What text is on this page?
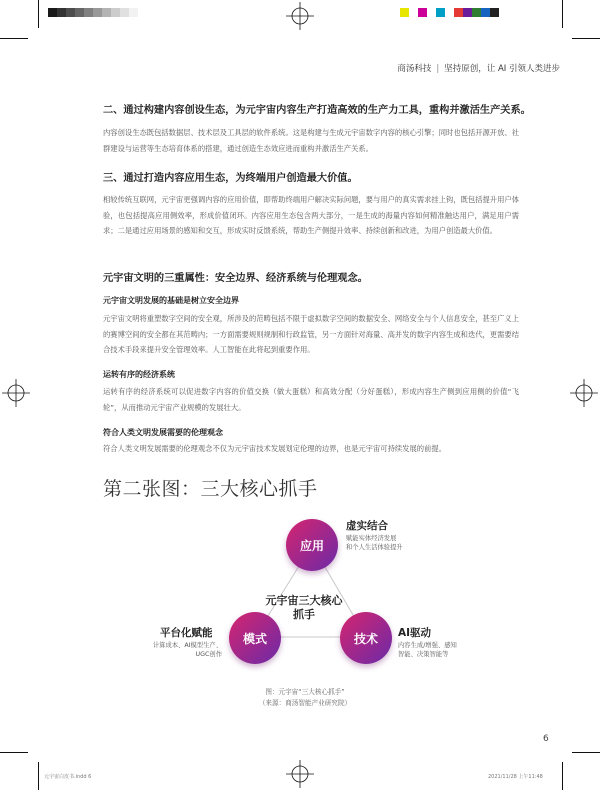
商汤科技 | 坚持原创，让 AI 引领人类进步
二、通过构建内容创设生态，为元宇宙内容生产打造高效的生产力工具，重构并激活生产关系。
内容创设生态既包括数据层、技术层及工具层的软件系统。这是构建与生成元宇宙数字内容的核心引擎；同时也包括开源开放、社群建设与运营等生态培育体系的搭建，通过创造生态效应进而重构并激活生产关系。
三、通过打造内容应用生态，为终端用户创造最大价值。
相较传统互联网，元宇宙更强调内容的应用价值，即帮助终端用户解决实际问题，要与用户的真实需求挂上钩，既包括提升用户体验，也包括提高应用侧效率，形成价值闭环。内容应用生态包含两大部分，一是生成的海量内容如何精准触达用户，满足用户需求；二是通过应用场景的感知和交互，形成实时反馈系统，帮助生产侧提升效率、持续创新和改进，为用户创造最大价值。
元宇宙文明的三重属性：安全边界、经济系统与伦理观念。
元宇宙文明发展的基础是树立安全边界
元宇宙文明将重塑数字空间的安全观，所涉及的范畴包括不限于虚拟数字空间的数据安全、网络安全与个人信息安全，甚至广义上的赛博空间的安全都在其范畴内；一方面需要规则规制和行政监管，另一方面针对海量、高并发的数字内容生成和迭代，更需要结合技术手段来提升安全管理效率。人工智能在此将起到重要作用。
运转有序的经济系统
运转有序的经济系统可以促进数字内容的价值交换（做大蛋糕）和高效分配（分好蛋糕），形成内容生产侧到应用侧的价值“飞轮”，从而推动元宇宙产业规模的发展壮大。
符合人类文明发展需要的伦理观念
符合人类文明发展需要的伦理观念不仅为元宇宙技术发展划定伦理的边界，也是元宇宙可持续发展的前提。
第二张图：三大核心抓手
应用
模式	技术
元宇宙三大核心抓手
虚实结合
赋能实体经济发展
和个人生活体验提升
平台化赋能
计算成本、AI模型生产、
UGC创作
AI驱动
内容生成/增强、感知
智能、决策智能等
图：元宇宙“三大核心抓手”
（来源：商汤智能产业研究院）
6
元宇宙白皮书.indd 6	2021/11/28 上午11:48
